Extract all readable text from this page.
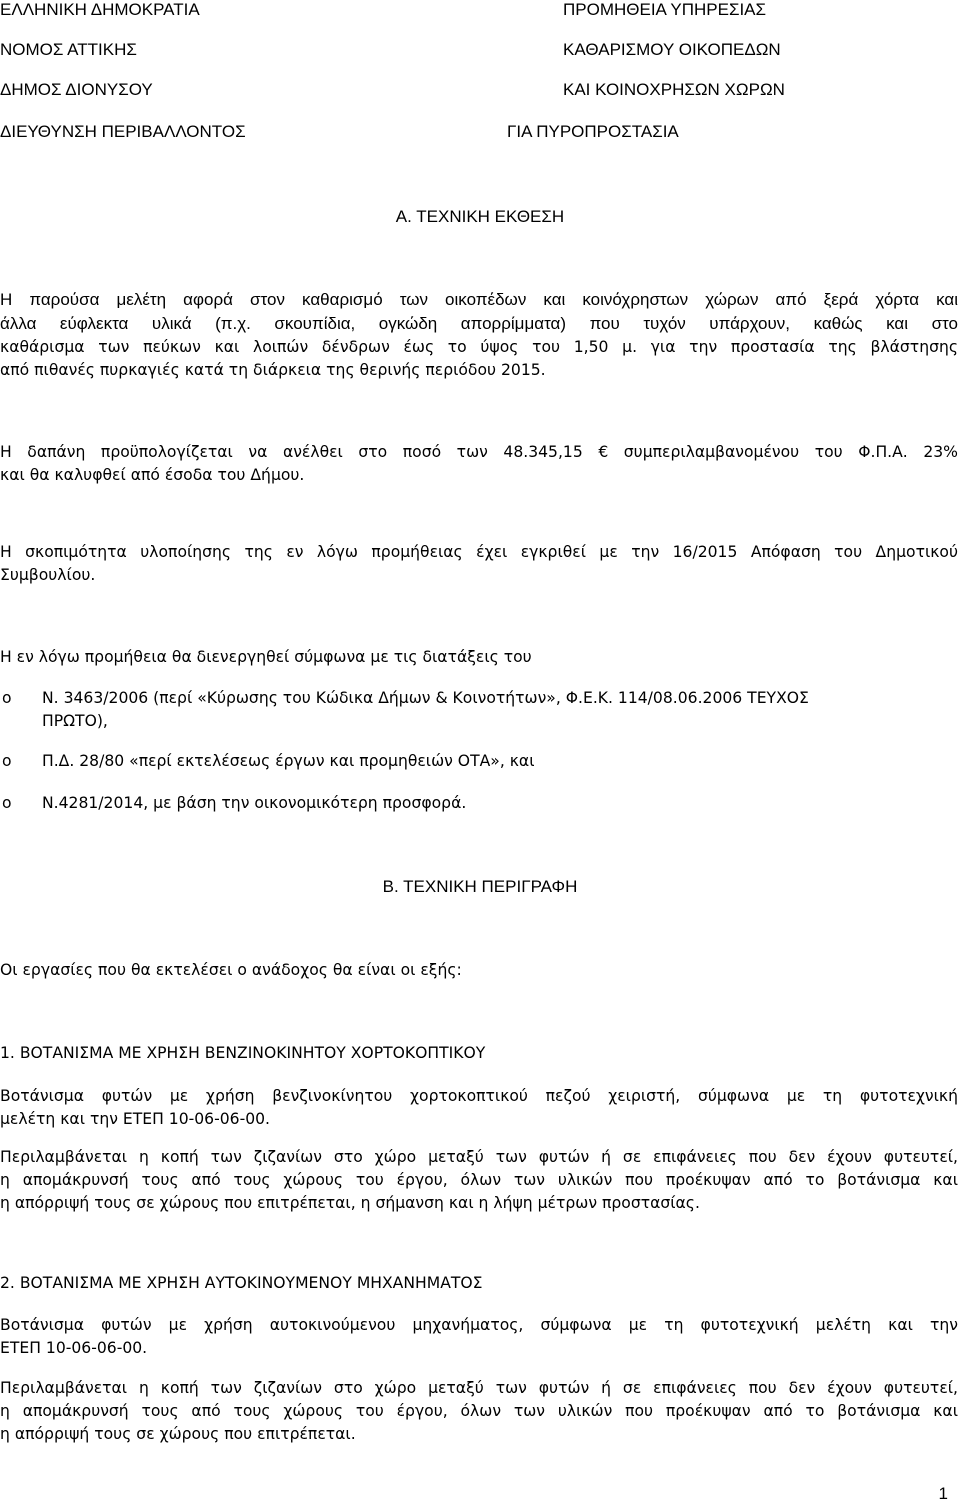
ΕΛΛΗΝΙΚΗ ΔΗΜΟΚΡΑΤΙΑ
ΝΟΜΟΣ ΑΤΤΙΚΗΣ
ΔΗΜΟΣ ΔΙΟΝΥΣΟΥ
ΔΙΕΥΘΥΝΣΗ ΠΕΡΙΒΑΛΛΟΝΤΟΣ
ΠΡΟΜΗΘΕΙΑ ΥΠΗΡΕΣΙΑΣ
ΚΑΘΑΡΙΣΜΟΥ ΟΙΚΟΠΕΔΩΝ
ΚΑΙ ΚΟΙΝΟΧΡΗΣΩΝ ΧΩΡΩΝ
ΓΙΑ ΠΥΡΟΠΡΟΣΤΑΣΙΑ
Α. ΤΕΧΝΙΚΗ ΕΚΘΕΣΗ
Η παρούσα μελέτη αφορά στον καθαρισμό των οικοπέδων και κοινόχρηστων χώρων από ξερά χόρτα και
άλλα εύφλεκτα υλικά (π.χ. σκουπίδια, ογκώδη απορρίμματα) που τυχόν υπάρχουν, καθώς και στο
καθάρισμα των πεύκων και λοιπών δένδρων έως το ύψος του 1,50 μ. για την προστασία της βλάστησης
από πιθανές πυρκαγιές κατά τη διάρκεια της θερινής περιόδου 2015.
Η δαπάνη προϋπολογίζεται να ανέλθει στο ποσό των 48.345,15 € συμπεριλαμβανομένου του Φ.Π.Α. 23%
και θα καλυφθεί από έσοδα του Δήμου.
Η σκοπιμότητα υλοποίησης της εν λόγω προμήθειας έχει εγκριθεί με την 16/2015 Απόφαση του Δημοτικού
Συμβουλίου.
Η εν λόγω προμήθεια θα διενεργηθεί σύμφωνα με τις διατάξεις του
o Ν. 3463/2006 (περί «Κύρωσης του Κώδικα Δήμων & Κοινοτήτων», Φ.Ε.Κ. 114/08.06.2006 ΤΕΥΧΟΣ
ΠΡΩΤΟ),
o Π.Δ. 28/80 «περί εκτελέσεως έργων και προμηθειών ΟΤΑ», και
o Ν.4281/2014, με βάση την οικονομικότερη προσφορά.
Β. ΤΕΧΝΙΚΗ ΠΕΡΙΓΡΑΦΗ
Οι εργασίες που θα εκτελέσει ο ανάδοχος θα είναι οι εξής:
1. ΒΟΤΑΝΙΣΜΑ ΜΕ ΧΡΗΣΗ ΒΕΝΖΙΝΟΚΙΝΗΤΟΥ ΧΟΡΤΟΚΟΠΤΙΚΟΥ
Βοτάνισμα φυτών με χρήση βενζινοκίνητου χορτοκοπτικού πεζού χειριστή, σύμφωνα με τη φυτοτεχνική
μελέτη και την ΕΤΕΠ 10-06-06-00.
Περιλαμβάνεται η κοπή των ζιζανίων στο χώρο μεταξύ των φυτών ή σε επιφάνειες που δεν έχουν φυτευτεί,
η απομάκρυνσή τους από τους χώρους του έργου, όλων των υλικών που προέκυψαν από το βοτάνισμα και
η απόρριψή τους σε χώρους που επιτρέπεται, η σήμανση και η λήψη μέτρων προστασίας.
2. ΒΟΤΑΝΙΣΜΑ ΜΕ ΧΡΗΣΗ ΑΥΤΟΚΙΝΟΥΜΕΝΟΥ ΜΗΧΑΝΗΜΑΤΟΣ
Βοτάνισμα φυτών με χρήση αυτοκινούμενου μηχανήματος, σύμφωνα με τη φυτοτεχνική μελέτη και την
ΕΤΕΠ 10-06-06-00.
Περιλαμβάνεται η κοπή των ζιζανίων στο χώρο μεταξύ των φυτών ή σε επιφάνειες που δεν έχουν φυτευτεί,
η απομάκρυνσή τους από τους χώρους του έργου, όλων των υλικών που προέκυψαν από το βοτάνισμα και
η απόρριψή τους σε χώρους που επιτρέπεται.
1
